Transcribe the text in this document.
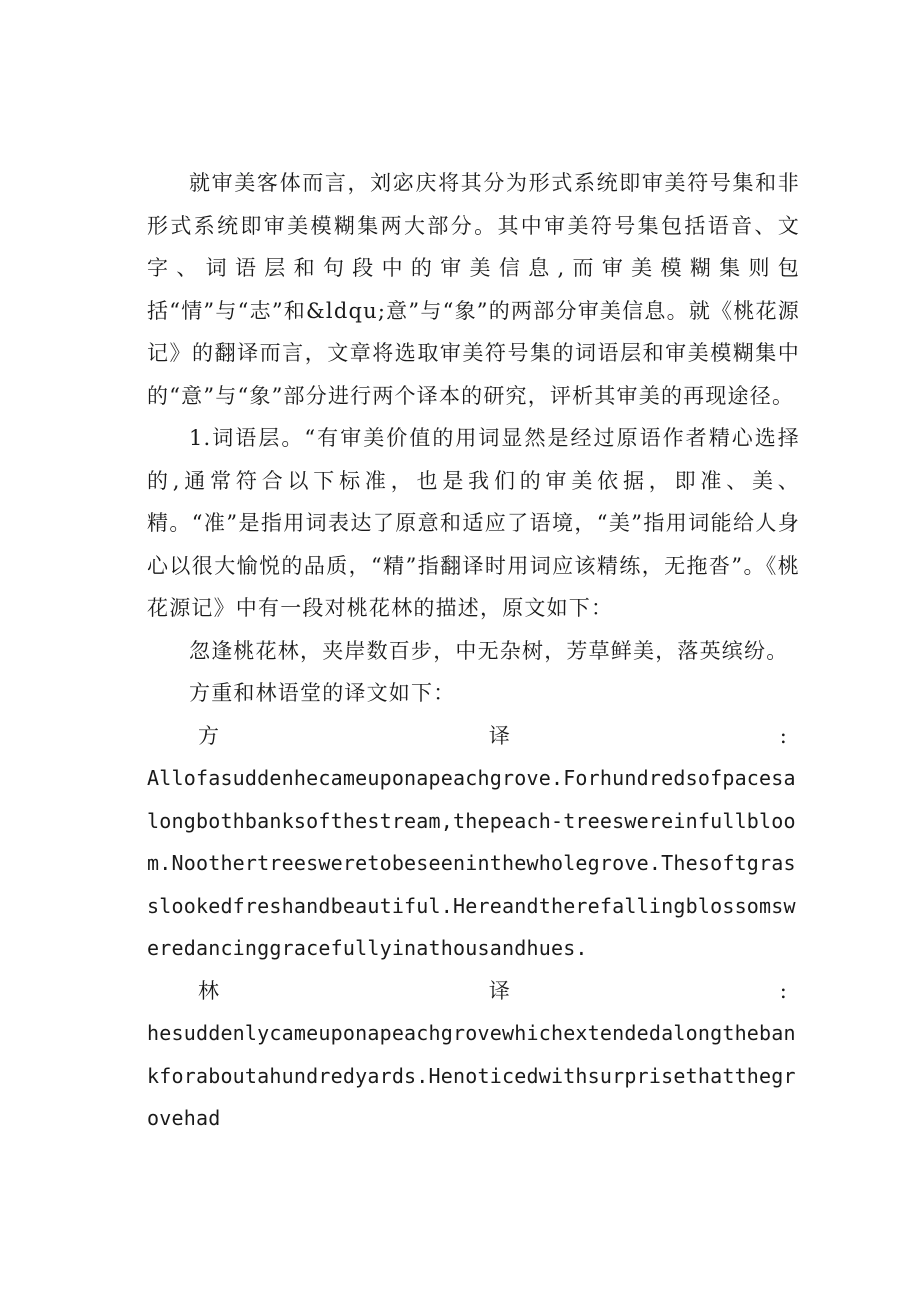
就审美客体而言，刘宓庆将其分为形式系统即审美符号集和非形式系统即审美模糊集两大部分。其中审美符号集包括语音、文字、词语层和句段中的审美信息,而审美模糊集则包括“情”与“志”和&ldqu;意”与“象”的两部分审美信息。就《桃花源记》的翻译而言，文章将选取审美符号集的词语层和审美模糊集中的“意”与“象”部分进行两个译本的研究，评析其审美的再现途径。

1.词语层。“有审美价值的用词显然是经过原语作者精心选择的,通常符合以下标准，也是我们的审美依据，即准、美、精。“准”是指用词表达了原意和适应了语境，“美”指用词能给人身心以很大愉悦的品质，“精”指翻译时用词应该精练，无拖沓”。《桃花源记》中有一段对桃花林的描述，原文如下：

忽逢桃花林，夹岸数百步，中无杂树，芳草鲜美，落英缤纷。

方重和林语堂的译文如下：

方	译	:

Allofasuddenhecameuponapeachgrove.Forhundredsofpacesalongbothbanksofthestream,thepeach-treeswereinfullbloom.Noothertreesweretobeseeninthewholegrove.Thesoftgrasslookedfreshandbeautiful.Hereandtherefallingblossomsweredancinggracefullyinathousandhues.

林	译	:

hesuddenlycameuponapeachgrovewhichextendedalongthebankforaboutahundredyards.Henoticedwithsurprisethatthegrovehad
